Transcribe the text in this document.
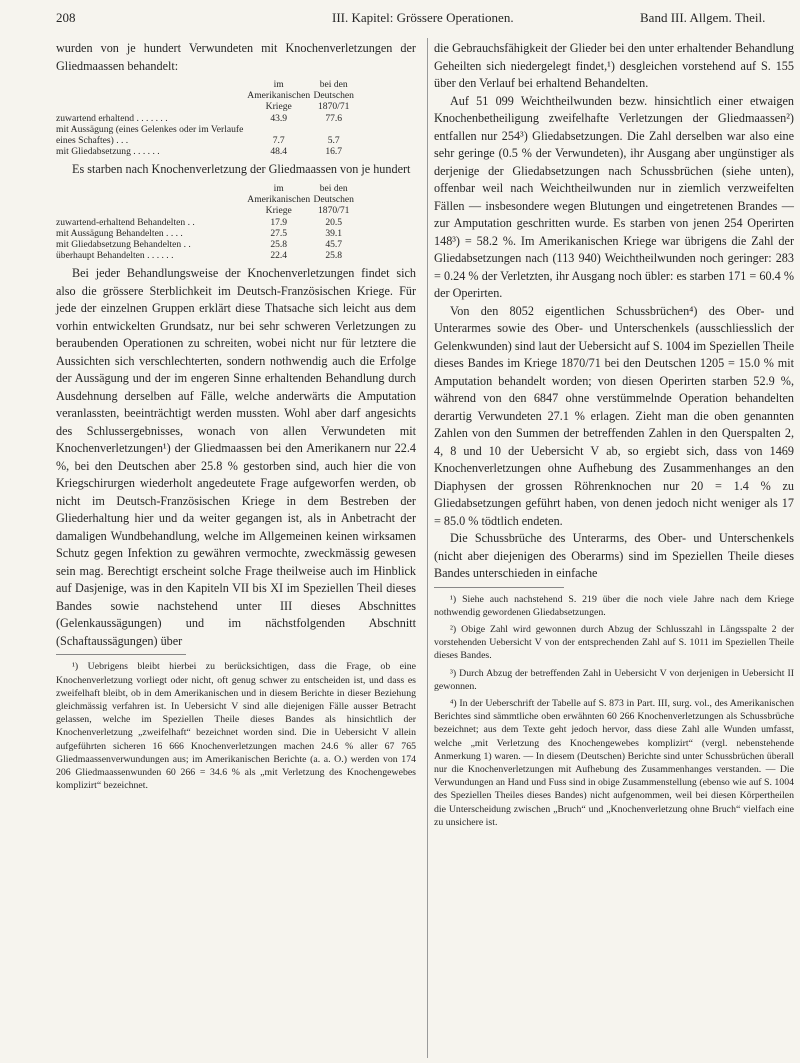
208	III. Kapitel: Grössere Operationen.	Band III. Allgem. Theil.

wurden von je hundert Verwundeten mit Knochenverletzungen der Gliedmaassen behandelt:

	im Amerikanischen Kriege	bei den Deutschen 1870/71
zuwartend erhaltend . . . . . . .	43.9	77.6
mit Aussägung (eines Gelenkes oder im Verlaufe eines Schaftes) . . .	7.7	5.7
mit Gliedabsetzung . . . . . .	48.4	16.7

Es starben nach Knochenverletzung der Gliedmaassen von je hundert

	im Amerikanischen Kriege	bei den Deutschen 1870/71
zuwartend-erhaltend Behandelten . .	17.9	20.5
mit Aussägung Behandelten . . . .	27.5	39.1
mit Gliedabsetzung Behandelten . .	25.8	45.7
überhaupt Behandelten . . . . . .	22.4	25.8

Bei jeder Behandlungsweise der Knochenverletzungen findet sich also die grössere Sterblichkeit im Deutsch-Französischen Kriege. Für jede der einzelnen Gruppen erklärt diese Thatsache sich leicht aus dem vorhin entwickelten Grundsatz, nur bei sehr schweren Verletzungen zu beraubenden Operationen zu schreiten, wobei nicht nur für letztere die Aussichten sich verschlechterten, sondern nothwendig auch die Erfolge der Aussägung und der im engeren Sinne erhaltenden Behandlung durch Ausdehnung derselben auf Fälle, welche anderwärts die Amputation veranlassten, beeinträchtigt werden mussten. Wohl aber darf angesichts des Schlussergebnisses, wonach von allen Verwundeten mit Knochenverletzungen¹) der Gliedmaassen bei den Amerikanern nur 22.4 %, bei den Deutschen aber 25.8 % gestorben sind, auch hier die von Kriegschirurgen wiederholt angedeutete Frage aufgeworfen werden, ob nicht im Deutsch-Französischen Kriege in dem Bestreben der Gliederhaltung hier und da weiter gegangen ist, als in Anbetracht der damaligen Wundbehandlung, welche im Allgemeinen keinen wirksamen Schutz gegen Infektion zu gewähren vermochte, zweckmässig gewesen sein mag. Berechtigt erscheint solche Frage theilweise auch im Hinblick auf Dasjenige, was in den Kapiteln VII bis XI im Speziellen Theil dieses Bandes sowie nachstehend unter III dieses Abschnittes (Gelenkaussägungen) und im nächstfolgenden Abschnitt (Schaftaussägungen) über

¹) Uebrigens bleibt hierbei zu berücksichtigen, dass die Frage, ob eine Knochenverletzung vorliegt oder nicht, oft genug schwer zu entscheiden ist, und dass es zweifelhaft bleibt, ob in dem Amerikanischen und in diesem Berichte in dieser Beziehung gleichmässig verfahren ist. In Uebersicht V sind alle diejenigen Fälle ausser Betracht gelassen, welche im Speziellen Theile dieses Bandes als hinsichtlich der Knochenverletzung „zweifelhaft“ bezeichnet worden sind. Die in Uebersicht V allein aufgeführten sicheren 16 666 Knochenverletzungen machen 24.6 % aller 67 765 Gliedmaassenverwundungen aus; im Amerikanischen Berichte (a. a. O.) werden von 174 206 Gliedmaassenwunden 60 266 = 34.6 % als „mit Verletzung des Knochengewebes komplizirt“ bezeichnet.

die Gebrauchsfähigkeit der Glieder bei den unter erhaltender Behandlung Geheilten sich niedergelegt findet,¹) desgleichen vorstehend auf S. 155 über den Verlauf bei erhaltend Behandelten.

Auf 51 099 Weichtheilwunden bezw. hinsichtlich einer etwaigen Knochenbetheiligung zweifelhafte Verletzungen der Gliedmaassen²) entfallen nur 254³) Gliedabsetzungen. Die Zahl derselben war also eine sehr geringe (0.5 % der Verwundeten), ihr Ausgang aber ungünstiger als derjenige der Gliedabsetzungen nach Schussbrüchen (siehe unten), offenbar weil nach Weichtheilwunden nur in ziemlich verzweifelten Fällen — insbesondere wegen Blutungen und eingetretenen Brandes — zur Amputation geschritten wurde. Es starben von jenen 254 Operirten 148³) = 58.2 %. Im Amerikanischen Kriege war übrigens die Zahl der Gliedabsetzungen nach (113 940) Weichtheilwunden noch geringer: 283 = 0.24 % der Verletzten, ihr Ausgang noch übler: es starben 171 = 60.4 % der Operirten.

Von den 8052 eigentlichen Schussbrüchen⁴) des Ober- und Unterarmes sowie des Ober- und Unterschenkels (ausschliesslich der Gelenkwunden) sind laut der Uebersicht auf S. 1004 im Speziellen Theile dieses Bandes im Kriege 1870/71 bei den Deutschen 1205 = 15.0 % mit Amputation behandelt worden; von diesen Operirten starben 52.9 %, während von den 6847 ohne verstümmelnde Operation behandelten derartig Verwundeten 27.1 % erlagen. Zieht man die oben genannten Zahlen von den Summen der betreffenden Zahlen in den Querspalten 2, 4, 8 und 10 der Uebersicht V ab, so ergiebt sich, dass von 1469 Knochenverletzungen ohne Aufhebung des Zusammenhanges an den Diaphysen der grossen Röhrenknochen nur 20 = 1.4 % zu Gliedabsetzungen geführt haben, von denen jedoch nicht weniger als 17 = 85.0 % tödtlich endeten.

Die Schussbrüche des Unterarms, des Ober- und Unterschenkels (nicht aber diejenigen des Oberarms) sind im Speziellen Theile dieses Bandes unterschieden in einfache

¹) Siehe auch nachstehend S. 219 über die noch viele Jahre nach dem Kriege nothwendig gewordenen Gliedabsetzungen.

²) Obige Zahl wird gewonnen durch Abzug der Schlusszahl in Längsspalte 2 der vorstehenden Uebersicht V von der entsprechenden Zahl auf S. 1011 im Speziellen Theile dieses Bandes.

³) Durch Abzug der betreffenden Zahl in Uebersicht V von derjenigen in Uebersicht II gewonnen.

⁴) In der Ueberschrift der Tabelle auf S. 873 in Part. III, surg. vol., des Amerikanischen Berichtes sind sämmtliche oben erwähnten 60 266 Knochenverletzungen als Schussbrüche bezeichnet; aus dem Texte geht jedoch hervor, dass diese Zahl alle Wunden umfasst, welche „mit Verletzung des Knochengewebes komplizirt“ (vergl. nebenstehende Anmerkung 1) waren. — In diesem (Deutschen) Berichte sind unter Schussbrüchen überall nur die Knochenverletzungen mit Aufhebung des Zusammenhanges verstanden. — Die Verwundungen an Hand und Fuss sind in obige Zusammenstellung (ebenso wie auf S. 1004 des Speziellen Theiles dieses Bandes) nicht aufgenommen, weil bei diesen Körpertheilen die Unterscheidung zwischen „Bruch“ und „Knochenverletzung ohne Bruch“ vielfach eine zu unsichere ist.
